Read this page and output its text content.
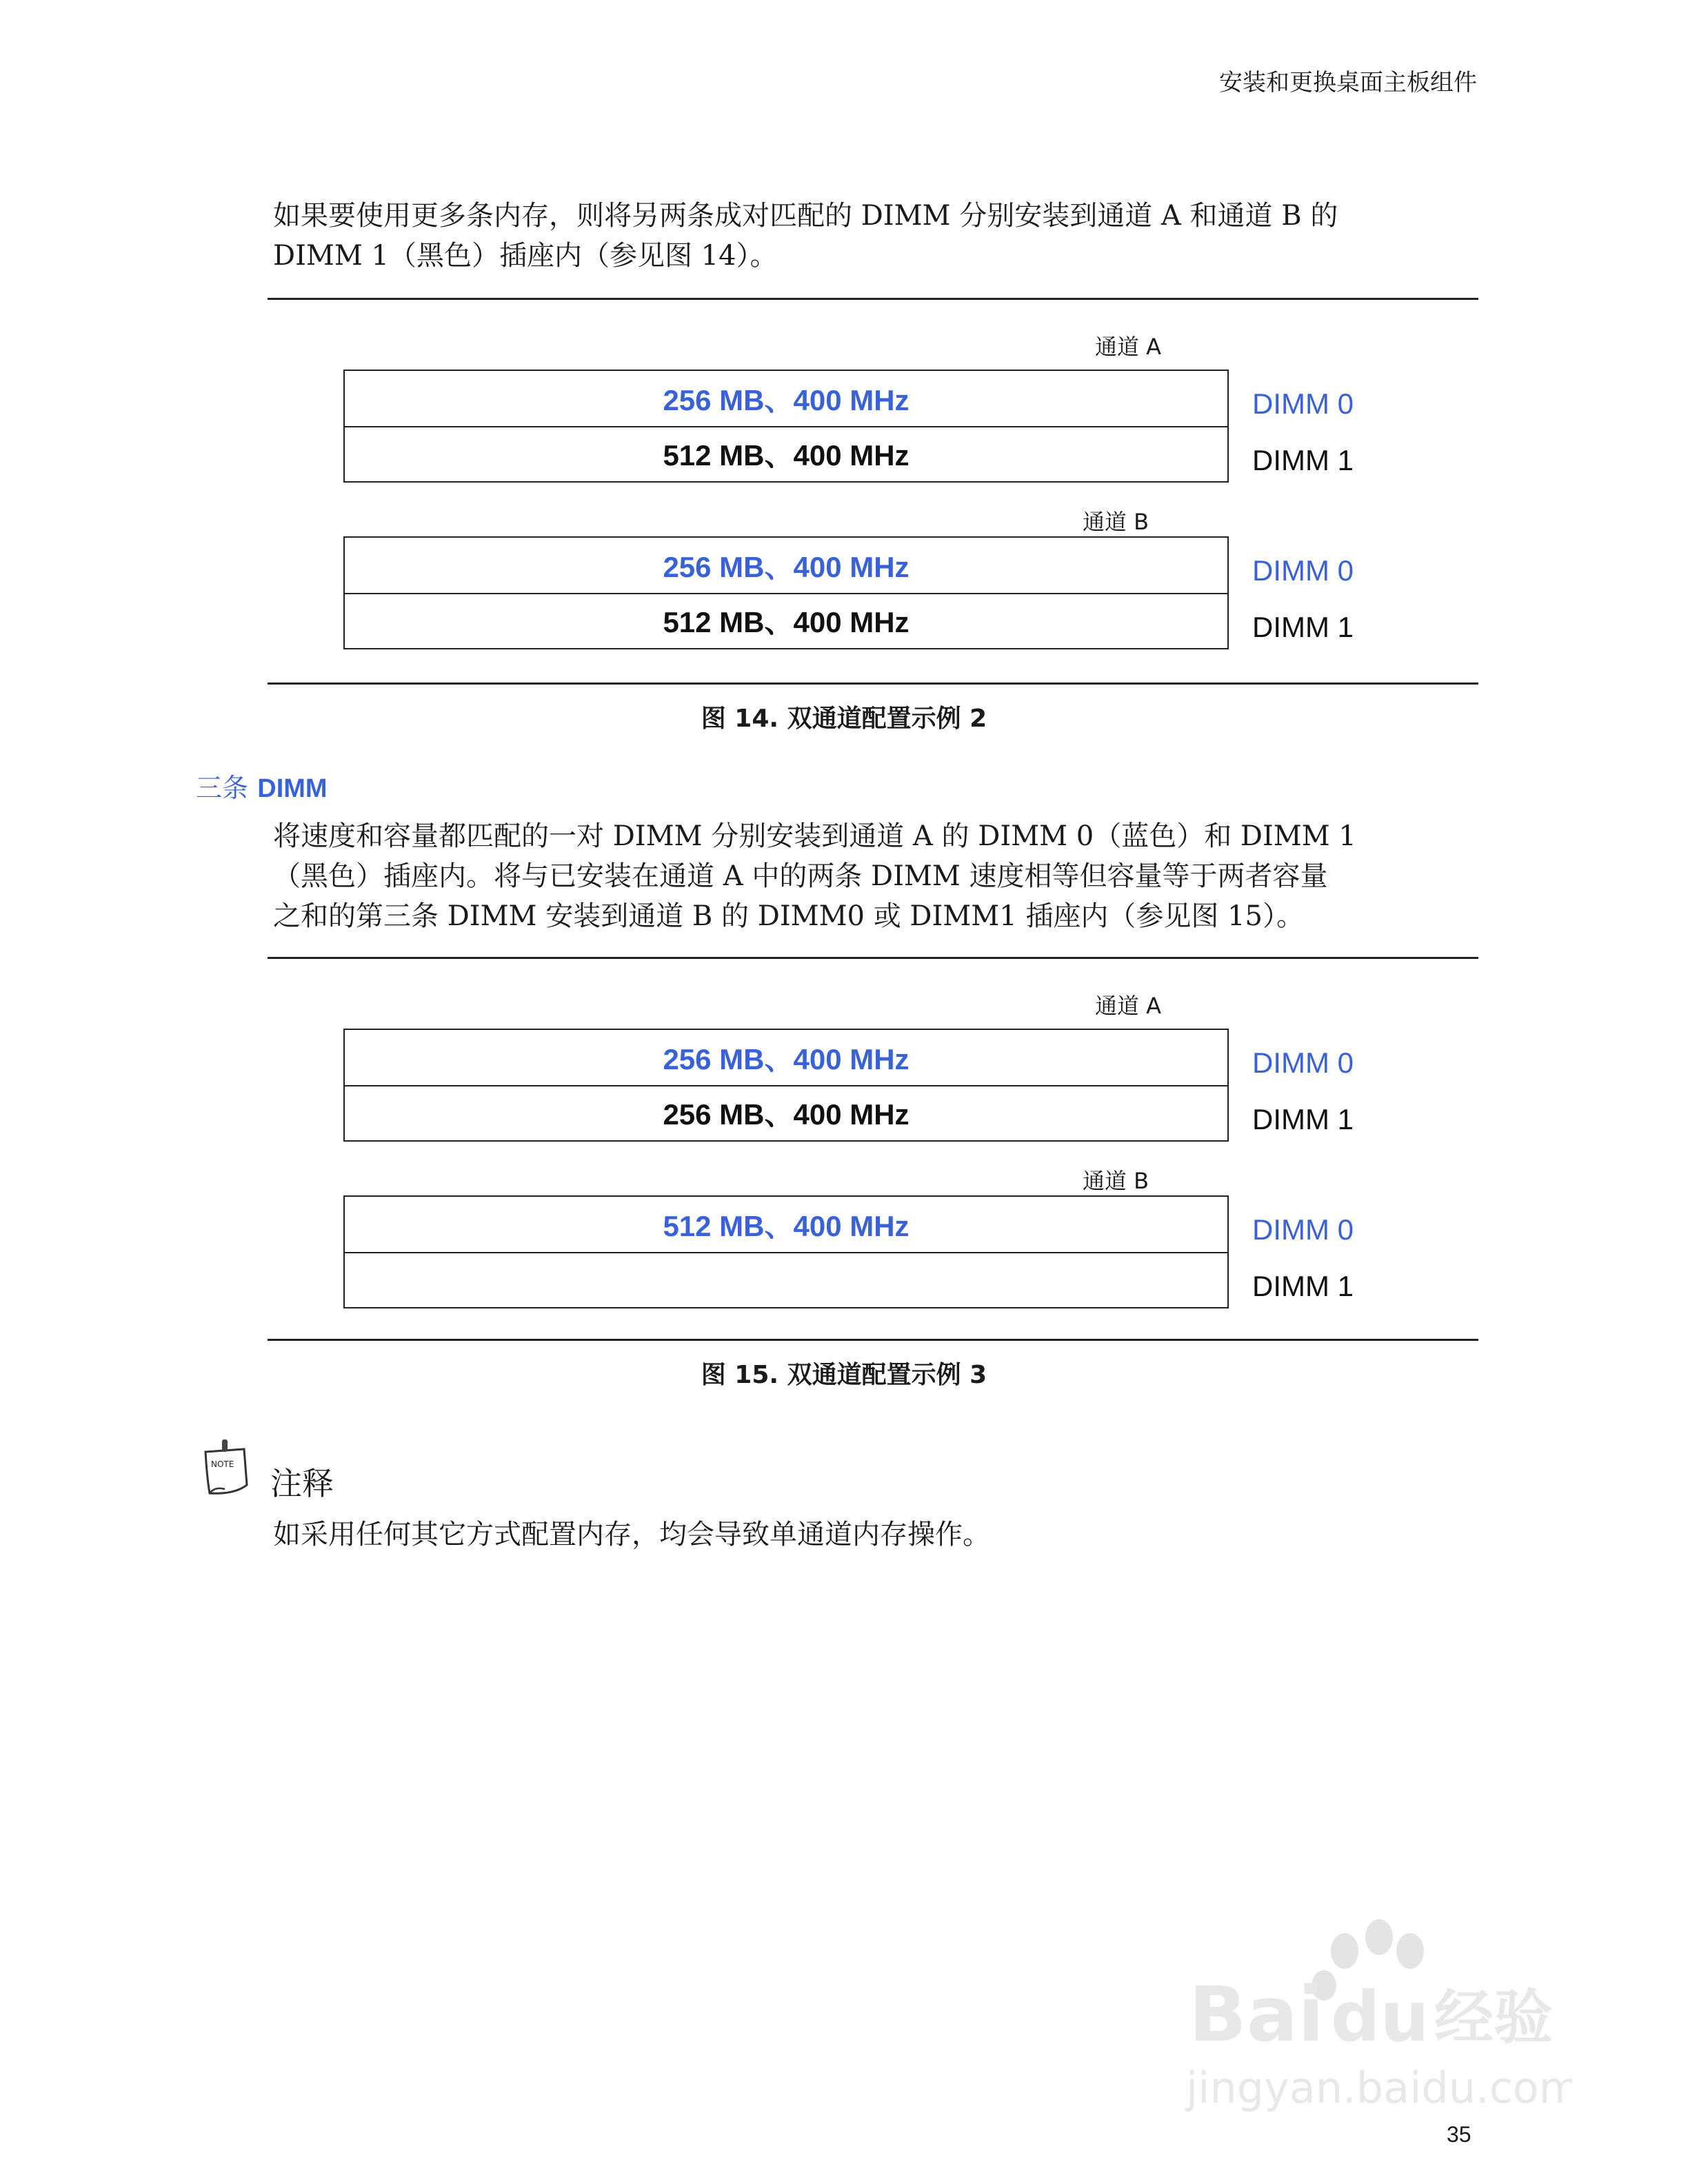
安装和更换桌面主板组件
如果要使用更多条内存，则将另两条成对匹配的 DIMM 分别安装到通道 A 和通道 B 的
DIMM 1（黑色）插座内（参见图 14）。
通道 A
256 MB、400 MHz
512 MB、400 MHz
DIMM 0
DIMM 1
通道 B
256 MB、400 MHz
512 MB、400 MHz
DIMM 0
DIMM 1
图 14. 双通道配置示例 2
三条 DIMM
将速度和容量都匹配的一对 DIMM 分别安装到通道 A 的 DIMM 0（蓝色）和 DIMM 1
（黑色）插座内。将与已安装在通道 A 中的两条 DIMM 速度相等但容量等于两者容量
之和的第三条 DIMM 安装到通道 B 的 DIMM0 或 DIMM1 插座内（参见图 15）。
通道 A
256 MB、400 MHz
256 MB、400 MHz
DIMM 0
DIMM 1
通道 B
512 MB、400 MHz	DIMM 0
DIMM 1
图 15. 双通道配置示例 3
NOTE
注释
如采用任何其它方式配置内存，均会导致单通道内存操作。
Bai du 经验
jingyan.baidu.com
35
